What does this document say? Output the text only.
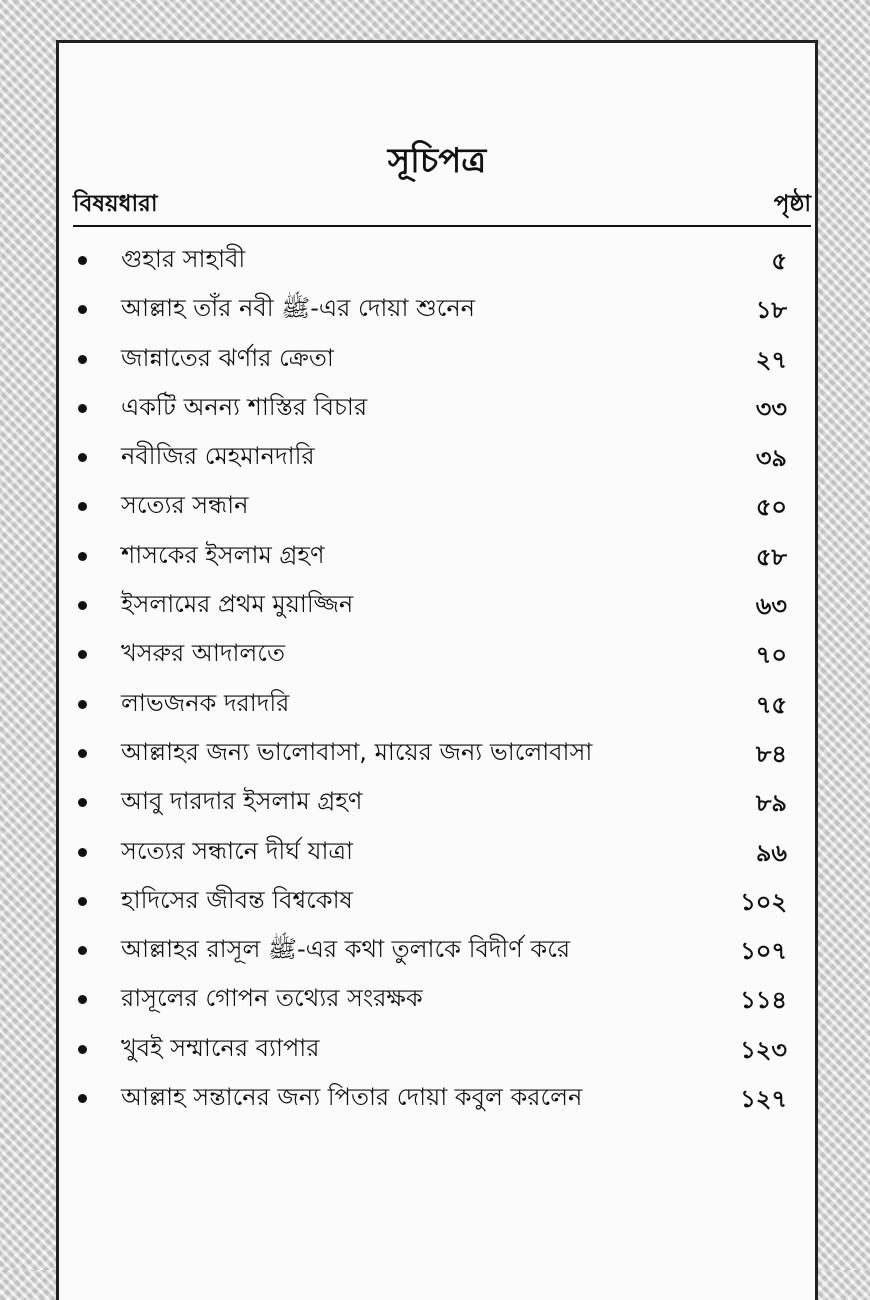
সূচিপত্র
বিষয়ধারা	পৃষ্ঠা
গুহার সাহাবী	৫
আল্লাহ তাঁর নবী ﷺ-এর দোয়া শুনেন	১৮
জান্নাতের ঝর্ণার ক্রেতা	২৭
একটি অনন্য শাস্তির বিচার	৩৩
নবীজির মেহমানদারি	৩৯
সত্যের সন্ধান	৫০
শাসকের ইসলাম গ্রহণ	৫৮
ইসলামের প্রথম মুয়াজ্জিন	৬৩
খসরুর আদালতে	৭০
লাভজনক দরাদরি	৭৫
আল্লাহর জন্য ভালোবাসা, মায়ের জন্য ভালোবাসা	৮৪
আবু দারদার ইসলাম গ্রহণ	৮৯
সত্যের সন্ধানে দীর্ঘ যাত্রা	৯৬
হাদিসের জীবন্ত বিশ্বকোষ	১০২
আল্লাহর রাসূল ﷺ-এর কথা তুলাকে বিদীর্ণ করে	১০৭
রাসূলের গোপন তথ্যের সংরক্ষক	১১৪
খুবই সম্মানের ব্যাপার	১২৩
আল্লাহ সন্তানের জন্য পিতার দোয়া কবুল করলেন	১২৭
